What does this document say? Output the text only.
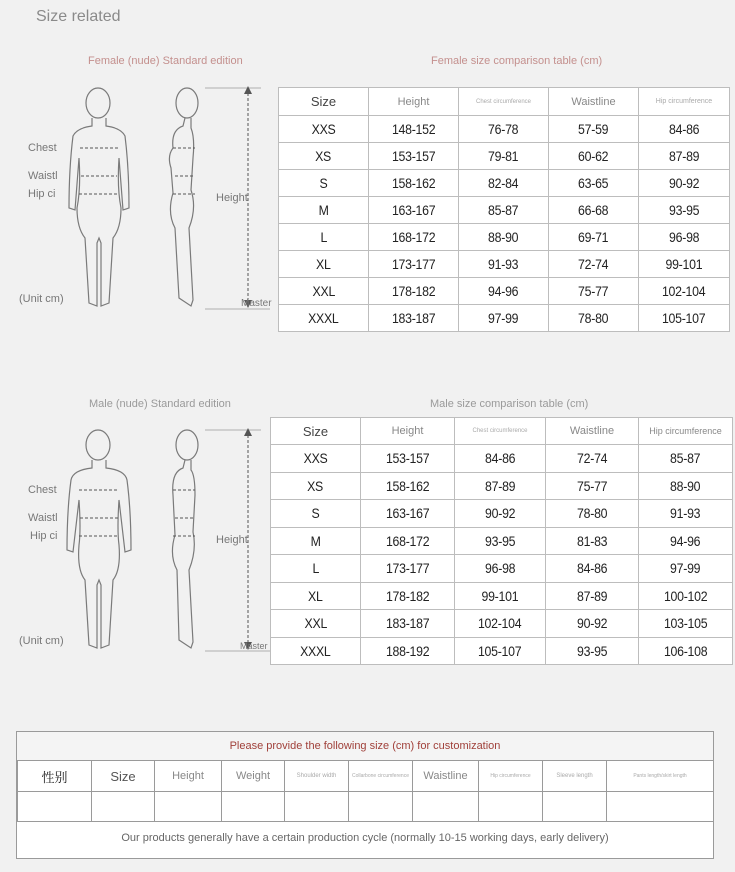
Size related
Female (nude) Standard edition	Female size comparison table (cm)
Chest
Waistl
Hip ci	Height
(Unit cm)	Master
Size	Height	Chest circumference	Waistline	Hip circumference
XXS	148-152	76-78	57-59	84-86
XS	153-157	79-81	60-62	87-89
S	158-162	82-84	63-65	90-92
M	163-167	85-87	66-68	93-95
L	168-172	88-90	69-71	96-98
XL	173-177	91-93	72-74	99-101
XXL	178-182	94-96	75-77	102-104
XXXL	183-187	97-99	78-80	105-107
Male (nude) Standard edition	Male size comparison table (cm)
Chest
Waistl
Hip ci	Height
(Unit cm)	Master
Size	Height	Chest circumference	Waistline	Hip circumference
XXS	153-157	84-86	72-74	85-87
XS	158-162	87-89	75-77	88-90
S	163-167	90-92	78-80	91-93
M	168-172	93-95	81-83	94-96
L	173-177	96-98	84-86	97-99
XL	178-182	99-101	87-89	100-102
XXL	183-187	102-104	90-92	103-105
XXXL	188-192	105-107	93-95	106-108
Please provide the following size (cm) for customization
性别	Size	Height	Weight	Shoulder width	Collarbone circumference	Waistline	Hip circumference	Sleeve length	Pants length/skirt length

Our products generally have a certain production cycle (normally 10-15 working days, early delivery)
